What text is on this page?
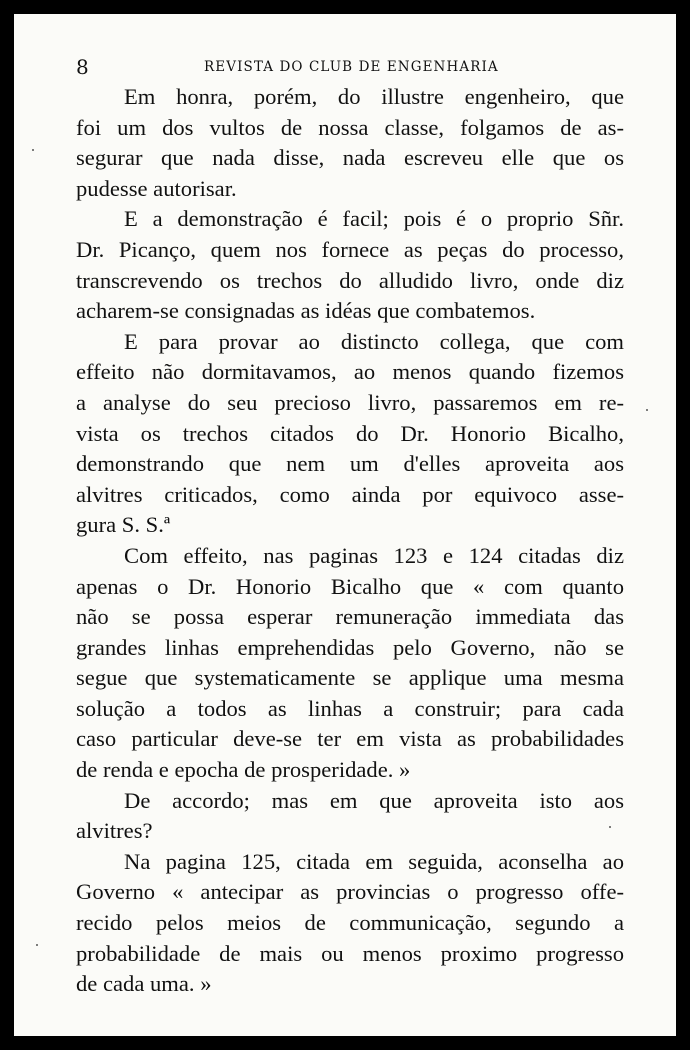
8	REVISTA DO CLUB DE ENGENHARIA
Em honra, porém, do illustre engenheiro, que
foi um dos vultos de nossa classe, folgamos de as-
segurar que nada disse, nada escreveu elle que os
pudesse autorisar.
E a demonstração é facil; pois é o proprio Sñr.
Dr. Picanço, quem nos fornece as peças do processo,
transcrevendo os trechos do alludido livro, onde diz
acharem-se consignadas as idéas que combatemos.
E para provar ao distincto collega, que com
effeito não dormitavamos, ao menos quando fizemos
a analyse do seu precioso livro, passaremos em re-
vista os trechos citados do Dr. Honorio Bicalho,
demonstrando que nem um d'elles aproveita aos
alvitres criticados, como ainda por equivoco asse-
gura S. S.ª
Com effeito, nas paginas 123 e 124 citadas diz
apenas o Dr. Honorio Bicalho que « com quanto
não se possa esperar remuneração immediata das
grandes linhas emprehendidas pelo Governo, não se
segue que systematicamente se applique uma mesma
solução a todos as linhas a construir; para cada
caso particular deve-se ter em vista as probabilidades
de renda e epocha de prosperidade. »
De accordo; mas em que aproveita isto aos
alvitres?
Na pagina 125, citada em seguida, aconselha ao
Governo « antecipar as provincias o progresso offe-
recido pelos meios de communicação, segundo a
probabilidade de mais ou menos proximo progresso
de cada uma. »
